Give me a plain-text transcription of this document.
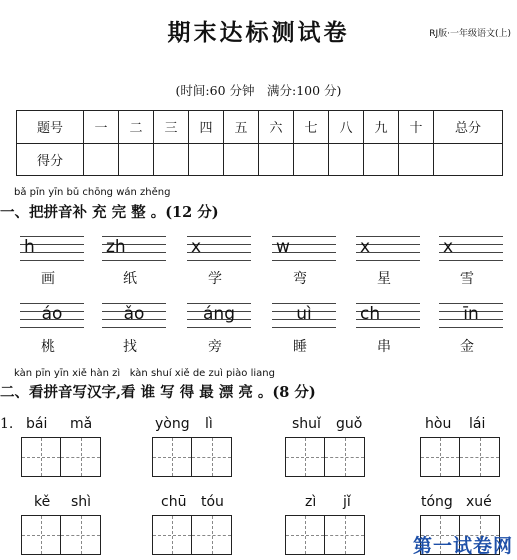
期末达标测试卷	RJ版·一年级语文(上)
(时间:60 分钟　满分:100 分)
题号	一	二	三	四	五	六	七	八	九	十	总分
得分											
bǎ pīn yīn bǔ chōng wán zhěng
一、把拼音补 充 完 整 。(12 分)
h	zh	x	w	x	x
画	纸	学	弯	星	雪
áo	ǎo	áng	uì	ch	īn
桃	找	旁	睡	串	金
kàn pīn yīn xiě hàn zì   kàn shuí xiě de zuì piào liang
二、看拼音写汉字,看 谁 写 得 最 漂 亮 。(8 分)
1. bái mǎ	yòng lì	shuǐ guǒ	hòu lái
kě shì	chū tóu	zì jǐ	tóng xué
第一试卷网
